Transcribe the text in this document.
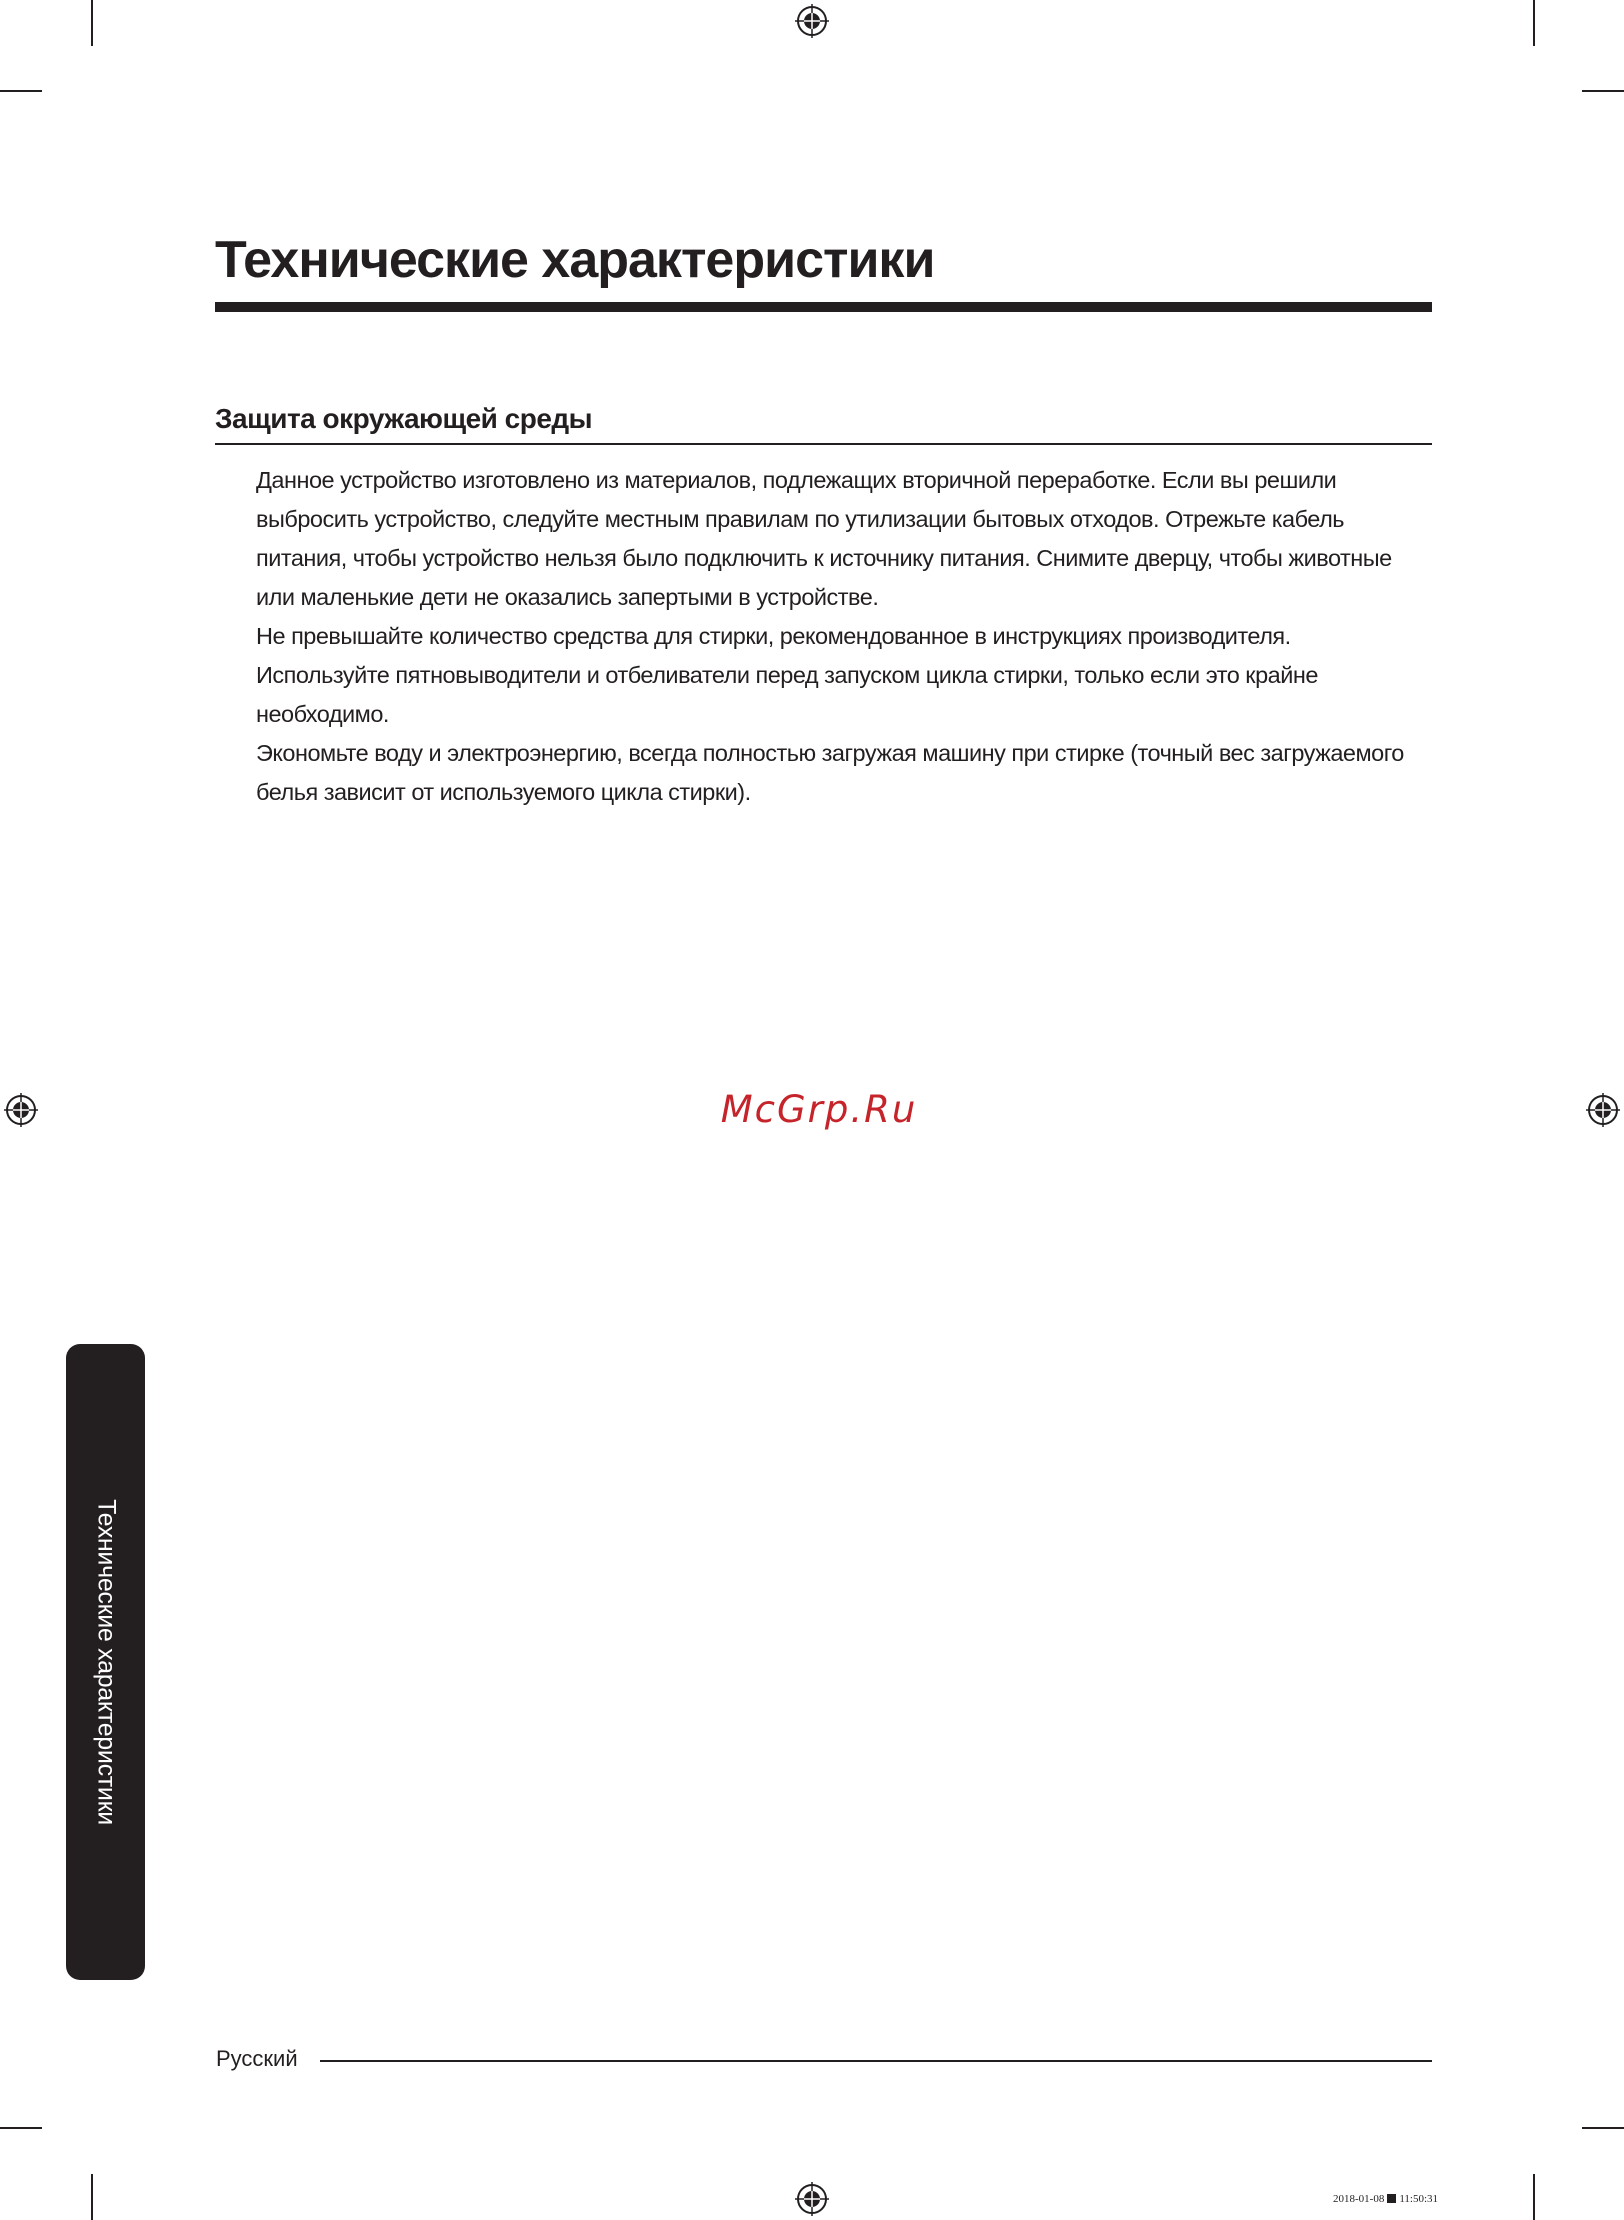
Технические характеристики
Защита окружающей среды

Данное устройство изготовлено из материалов, подлежащих вторичной переработке. Если вы решили выбросить устройство, следуйте местным правилам по утилизации бытовых отходов. Отрежьте кабель питания, чтобы устройство нельзя было подключить к источнику питания. Снимите дверцу, чтобы животные или маленькие дети не оказались запертыми в устройстве.

Не превышайте количество средства для стирки, рекомендованное в инструкциях производителя.

Используйте пятновыводители и отбеливатели перед запуском цикла стирки, только если это крайне необходимо.

Экономьте воду и электроэнергию, всегда полностью загружая машину при стирке (точный вес загружаемого белья зависит от используемого цикла стирки).

McGrp.Ru
Технические характеристики
Русский
2018-01-08 11:50:31
